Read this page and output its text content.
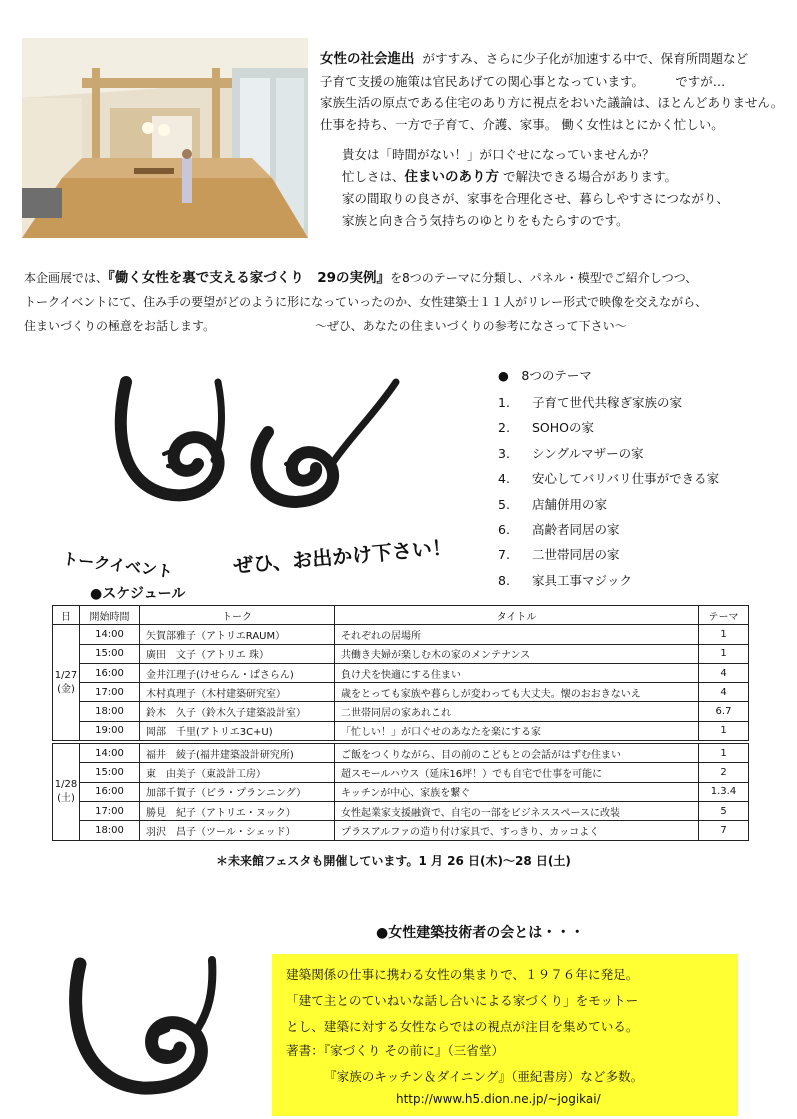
女性の社会進出 がすすみ、さらに少子化が加速する中で、保育所問題など

子育て支援の施策は官民あげての関心事となっています。　　　ですが…

家族生活の原点である住宅のあり方に視点をおいた議論は、ほとんどありません。

仕事を持ち、一方で子育て、介護、家事。 働く女性はとにかく忙しい。

貴女は「時間がない！」が口ぐせになっていませんか？

忙しさは、住まいのあり方 で解決できる場合があります。

家の間取りの良さが、家事を合理化させ、暮らしやすさにつながり、

家族と向き合う気持ちのゆとりをもたらすのです。

本企画展では、『働く女性を裏で支える家づくり　29の実例』を8つのテーマに分類し、パネル・模型でご紹介しつつ、

トークイベントにて、住み手の要望がどのように形になっていったのか、女性建築士１１人がリレー形式で映像を交えながら、

住まいづくりの極意をお話します。	～ぜひ、あなたの住まいづくりの参考になさって下さい～

●　8つのテーマ

1. 子育て世代共稼ぎ家族の家
2. SOHOの家
3. シングルマザーの家
4. 安心してバリバリ仕事ができる家
5. 店舗併用の家
6. 高齢者同居の家
7. 二世帯同居の家
8. 家具工事マジック
トークイベント	ぜひ、お出かけ下さい！
●スケジュール
日	開始時間	トーク	タイトル	テーマ
1/27
(金)	14:00	矢賀部雅子（アトリエRAUM）	それぞれの居場所	1
	15:00	廣田　文子（アトリエ 珠）	共働き夫婦が楽しむ木の家のメンテナンス	1
	16:00	金井江理子(けせらん・ぱさらん)	負け犬を快適にする住まい	4
	17:00	木村真理子（木村建築研究室）	歳をとっても家族や暮らしが変わっても大丈夫。懐のおおきないえ	4
	18:00	鈴木　久子（鈴木久子建築設計室）	二世帯同居の家あれこれ	6.7
	19:00	岡部　千里(アトリエ3C+U)	「忙しい！」が口ぐせのあなたを楽にする家	1
1/28
(土)	14:00	福井　綾子(福井建築設計研究所)	ご飯をつくりながら、目の前のこどもとの会話がはずむ住まい	1
	15:00	東　由美子（東設計工房）	超スモールハウス（延床16坪！）でも自宅で仕事を可能に	2
	16:00	加部千賀子（ビラ・プランニング）	キッチンが中心、家族を繋ぐ	1.3.4
	17:00	勝見　紀子（アトリエ・ヌック）	女性起業家支援融資で、自宅の一部をビジネススペースに改装	5
	18:00	羽沢　昌子（ツール・シェッド）	プラスアルファの造り付け家具で、すっきり、カッコよく	7
＊未来館フェスタも開催しています。1 月 26 日(木)～28 日(土)
●女性建築技術者の会とは・・・

建築関係の仕事に携わる女性の集まりで、１９７６年に発足。

「建て主とのていねいな話し合いによる家づくり」をモットー

とし、建築に対する女性ならではの視点が注目を集めている。

著書：『家づくり その前に』（三省堂）

『家族のキッチン＆ダイニング』（亜紀書房）など多数。

http://www.h5.dion.ne.jp/~jogikai/
